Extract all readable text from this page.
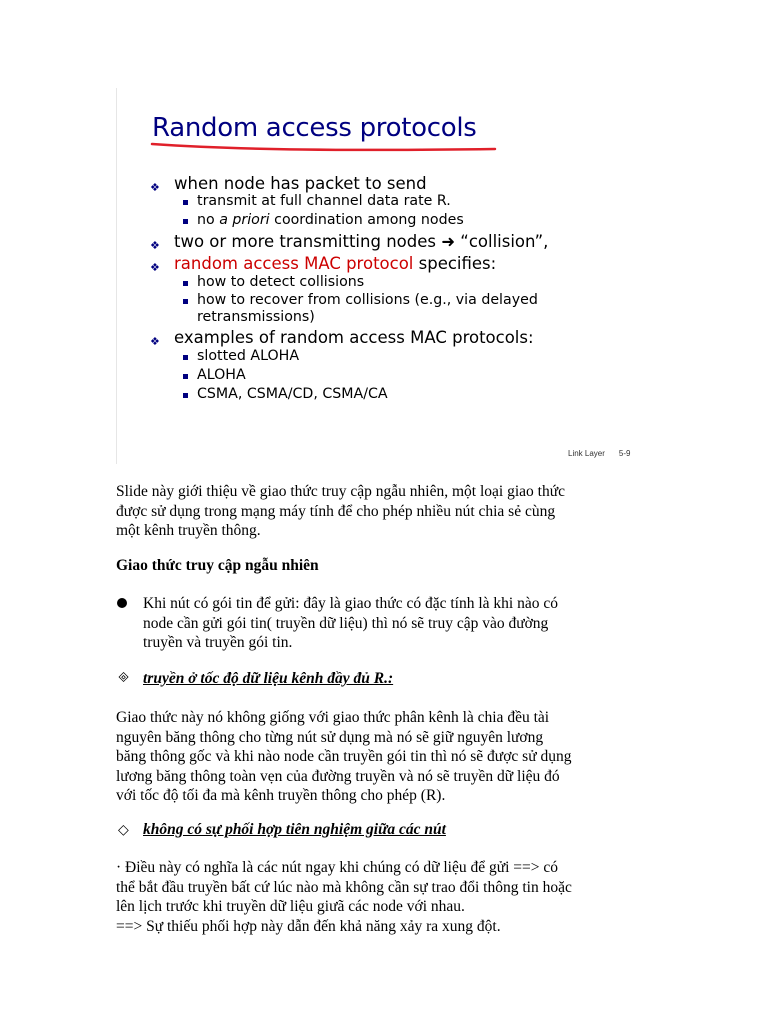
Random access protocols
❖ when node has packet to send
transmit at full channel data rate R.
no a priori coordination among nodes
❖ two or more transmitting nodes ➜ “collision”,
❖ random access MAC protocol specifies:
how to detect collisions
how to recover from collisions (e.g., via delayed
retransmissions)
❖ examples of random access MAC protocols:
slotted ALOHA
ALOHA
CSMA, CSMA/CD, CSMA/CA
Link Layer 5-9
Slide này giới thiệu về giao thức truy cập ngẫu nhiên, một loại giao thức
được sử dụng trong mạng máy tính để cho phép nhiều nút chia sẻ cùng
một kênh truyền thông.
Giao thức truy cập ngẫu nhiên
Khi nút có gói tin để gửi: đây là giao thức có đặc tính là khi nào có
node cần gửi gói tin( truyền dữ liệu) thì nó sẽ truy cập vào đường
truyền và truyền gói tin.
🞜 truyền ở tốc độ dữ liệu kênh đầy đủ R.:
Giao thức này nó không giống với giao thức phân kênh là chia đều tài
nguyên băng thông cho từng nút sử dụng mà nó sẽ giữ nguyên lương
băng thông gốc và khi nào node cần truyền gói tin thì nó sẽ được sử dụng
lương băng thông toàn vẹn của đường truyền và nó sẽ truyền dữ liệu đó
với tốc độ tối đa mà kênh truyền thông cho phép (R).
◇ không có sự phối hợp tiên nghiệm giữa các nút
· Điều này có nghĩa là các nút ngay khi chúng có dữ liệu để gửi ==> có
thể bắt đầu truyền bất cứ lúc nào mà không cần sự trao đổi thông tin hoặc
lên lịch trước khi truyền dữ liệu giưã các node với nhau.
==> Sự thiếu phối hợp này dẫn đến khả năng xảy ra xung đột.
